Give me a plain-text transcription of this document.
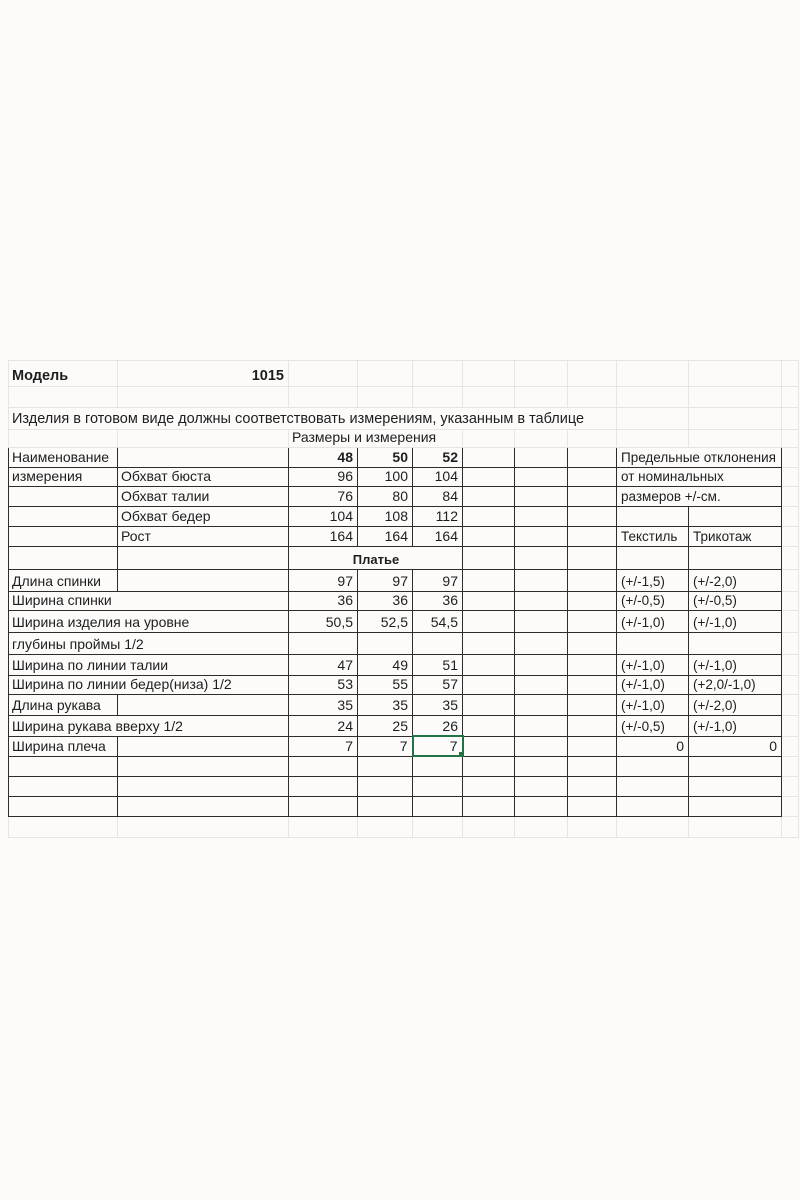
Модель	1015									

Изделия в готовом виде должны соответствовать измерениям, указанным в таблице										
		Размеры и измерения								
Наименование		48	50	52				Предельные отклонения		
измерения	Обхват бюста	96	100	104				от номинальных		
	Обхват талии	76	80	84				размеров +/-см.		
	Обхват бедер	104	108	112						
	Рост	164	164	164				Текстиль	Трикотаж	
		Платье								
Длина спинки		97	97	97				(+/-1,5)	(+/-2,0)	
Ширина спинки		36	36	36				(+/-0,5)	(+/-0,5)	
Ширина изделия на уровне		50,5	52,5	54,5				(+/-1,0)	(+/-1,0)	
глубины проймы 1/2										
Ширина по линии талии		47	49	51				(+/-1,0)	(+/-1,0)	
Ширина по линии бедер(низа) 1/2		53	55	57				(+/-1,0)	(+2,0/-1,0)	
Длина рукава		35	35	35				(+/-1,0)	(+/-2,0)	
Ширина рукава вверху 1/2		24	25	26				(+/-0,5)	(+/-1,0)	
Ширина плеча		7	7	7				0	0	
